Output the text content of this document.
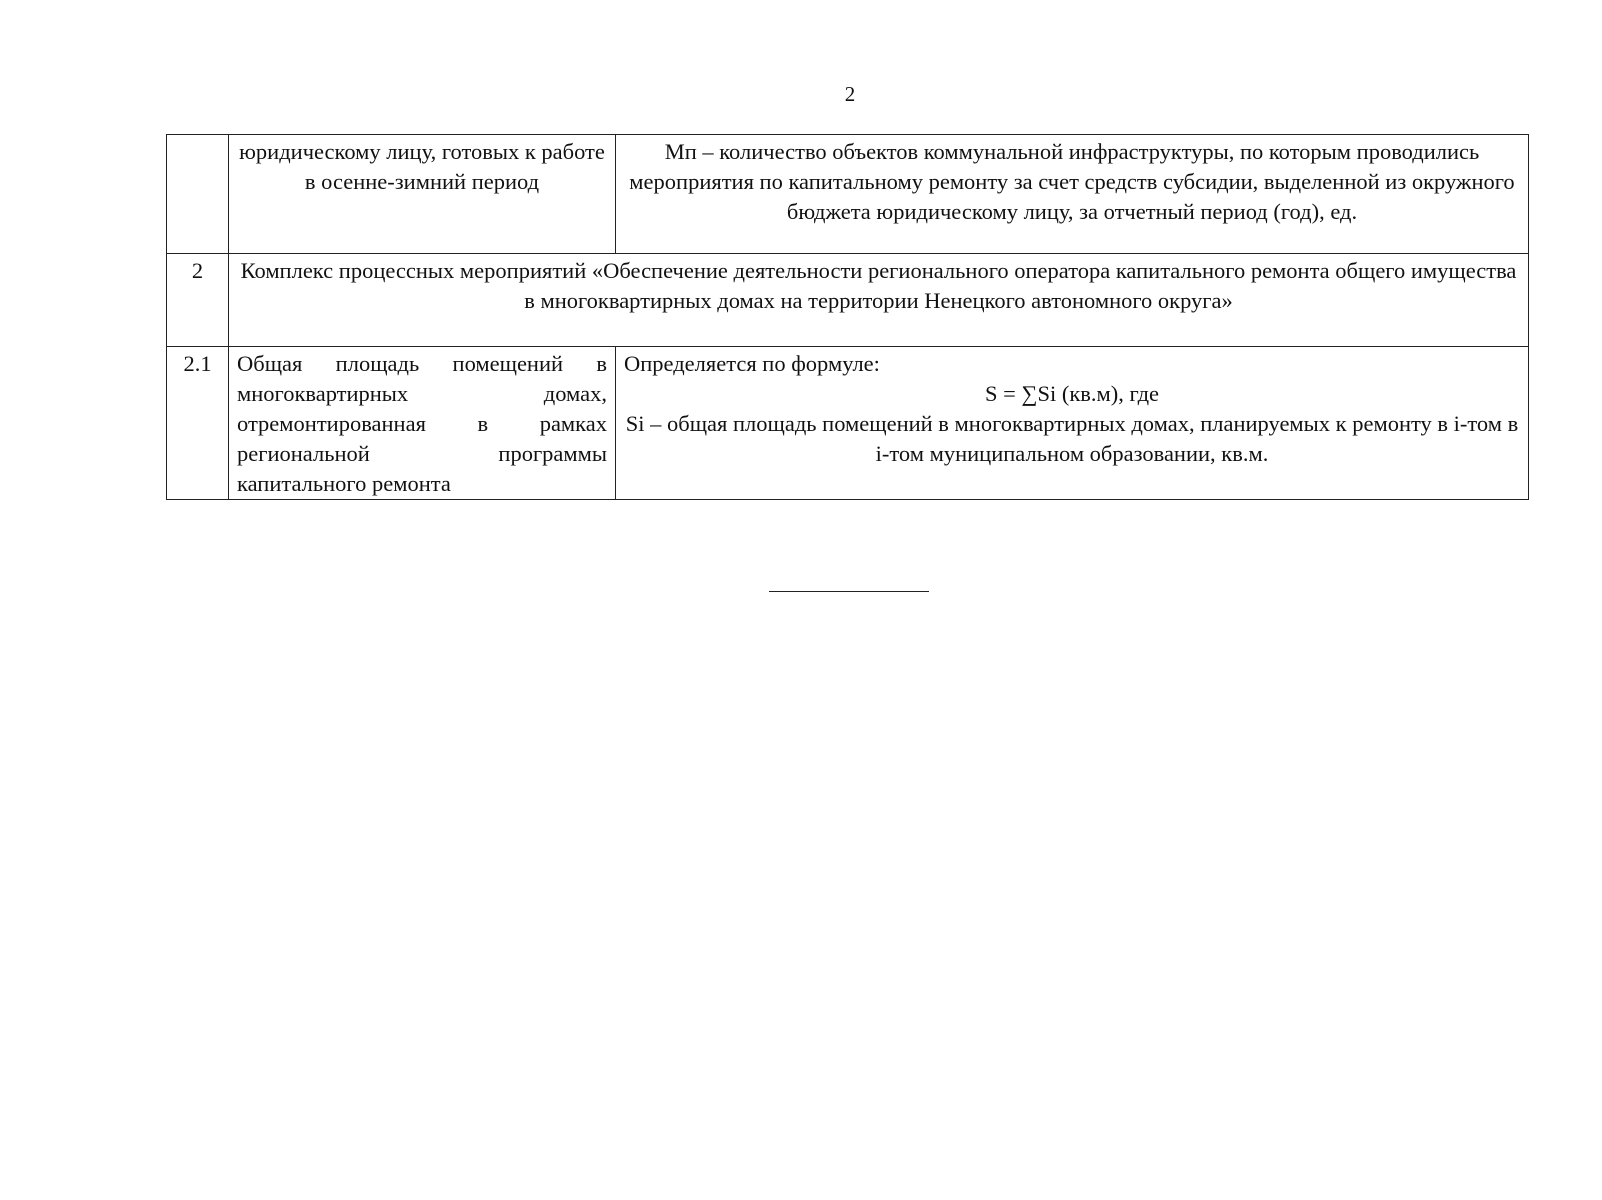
2
	юридическому лицу, готовых к работе в осенне-зимний период	Мп – количество объектов коммунальной инфраструктуры, по которым проводились мероприятия по капитальному ремонту за счет средств субсидии, выделенной из окружного бюджета юридическому лицу, за отчетный период (год), ед.
2	Комплекс процессных мероприятий «Обеспечение деятельности регионального оператора капитального ремонта общего имущества в многоквартирных домах на территории Ненецкого автономного округа»	
2.1	Общая площадь помещений в многоквартирных домах, отремонтированная в рамках региональной программы капитального ремонта	Определяется по формуле:
S = ∑Si (кв.м), где
Si – общая площадь помещений в многоквартирных домах, планируемых к ремонту в i-том в i-том муниципальном образовании, кв.м.
